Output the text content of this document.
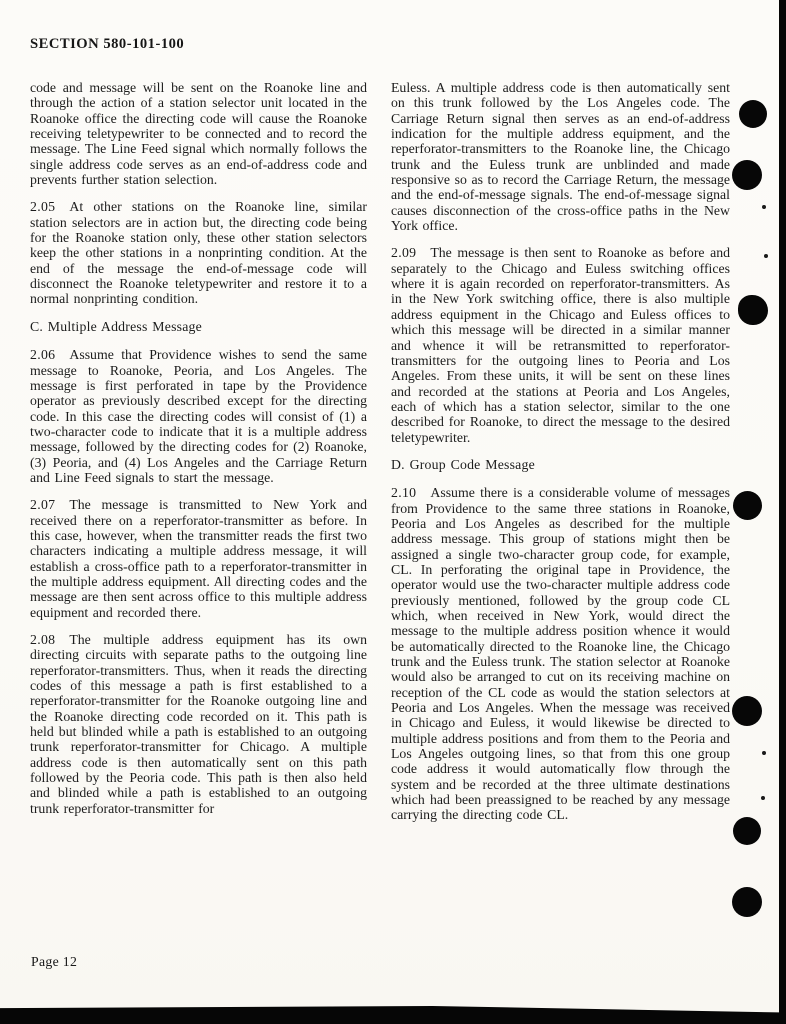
SECTION 580-101-100

code and message will be sent on the Roanoke line and through the action of a station selector unit located in the Roanoke office the directing code will cause the Roanoke receiving teletypewriter to be connected and to record the message. The Line Feed signal which normally follows the single address code serves as an end-of-address code and prevents further station selection.

2.05 At other stations on the Roanoke line, similar station selectors are in action but, the directing code being for the Roanoke station only, these other station selectors keep the other stations in a nonprinting condition. At the end of the message the end-of-message code will disconnect the Roanoke teletypewriter and restore it to a normal nonprinting condition.

C. Multiple Address Message

2.06 Assume that Providence wishes to send the same message to Roanoke, Peoria, and Los Angeles. The message is first perforated in tape by the Providence operator as previously described except for the directing code. In this case the directing codes will consist of (1) a two-character code to indicate that it is a multiple address message, followed by the directing codes for (2) Roanoke, (3) Peoria, and (4) Los Angeles and the Carriage Return and Line Feed signals to start the message.

2.07 The message is transmitted to New York and received there on a reperforator-transmitter as before. In this case, however, when the transmitter reads the first two characters indicating a multiple address message, it will establish a cross-office path to a reperforator-transmitter in the multiple address equipment. All directing codes and the message are then sent across office to this multiple address equipment and recorded there.

2.08 The multiple address equipment has its own directing circuits with separate paths to the outgoing line reperforator-transmitters. Thus, when it reads the directing codes of this message a path is first established to a reperforator-transmitter for the Roanoke outgoing line and the Roanoke directing code recorded on it. This path is held but blinded while a path is established to an outgoing trunk reperforator-transmitter for Chicago. A multiple address code is then automatically sent on this path followed by the Peoria code. This path is then also held and blinded while a path is established to an outgoing trunk reperforator-transmitter for

Euless. A multiple address code is then automatically sent on this trunk followed by the Los Angeles code. The Carriage Return signal then serves as an end-of-address indication for the multiple address equipment, and the reperforator-transmitters to the Roanoke line, the Chicago trunk and the Euless trunk are unblinded and made responsive so as to record the Carriage Return, the message and the end-of-message signals. The end-of-message signal causes disconnection of the cross-office paths in the New York office.

2.09 The message is then sent to Roanoke as before and separately to the Chicago and Euless switching offices where it is again recorded on reperforator-transmitters. As in the New York switching office, there is also multiple address equipment in the Chicago and Euless offices to which this message will be directed in a similar manner and whence it will be retransmitted to reperforator-transmitters for the outgoing lines to Peoria and Los Angeles. From these units, it will be sent on these lines and recorded at the stations at Peoria and Los Angeles, each of which has a station selector, similar to the one described for Roanoke, to direct the message to the desired teletypewriter.

D. Group Code Message

2.10 Assume there is a considerable volume of messages from Providence to the same three stations in Roanoke, Peoria and Los Angeles as described for the multiple address message. This group of stations might then be assigned a single two-character group code, for example, CL. In perforating the original tape in Providence, the operator would use the two-character multiple address code previously mentioned, followed by the group code CL which, when received in New York, would direct the message to the multiple address position whence it would be automatically directed to the Roanoke line, the Chicago trunk and the Euless trunk. The station selector at Roanoke would also be arranged to cut on its receiving machine on reception of the CL code as would the station selectors at Peoria and Los Angeles. When the message was received in Chicago and Euless, it would likewise be directed to multiple address positions and from them to the Peoria and Los Angeles outgoing lines, so that from this one group code address it would automatically flow through the system and be recorded at the three ultimate destinations which had been preassigned to be reached by any message carrying the directing code CL.

Page 12
